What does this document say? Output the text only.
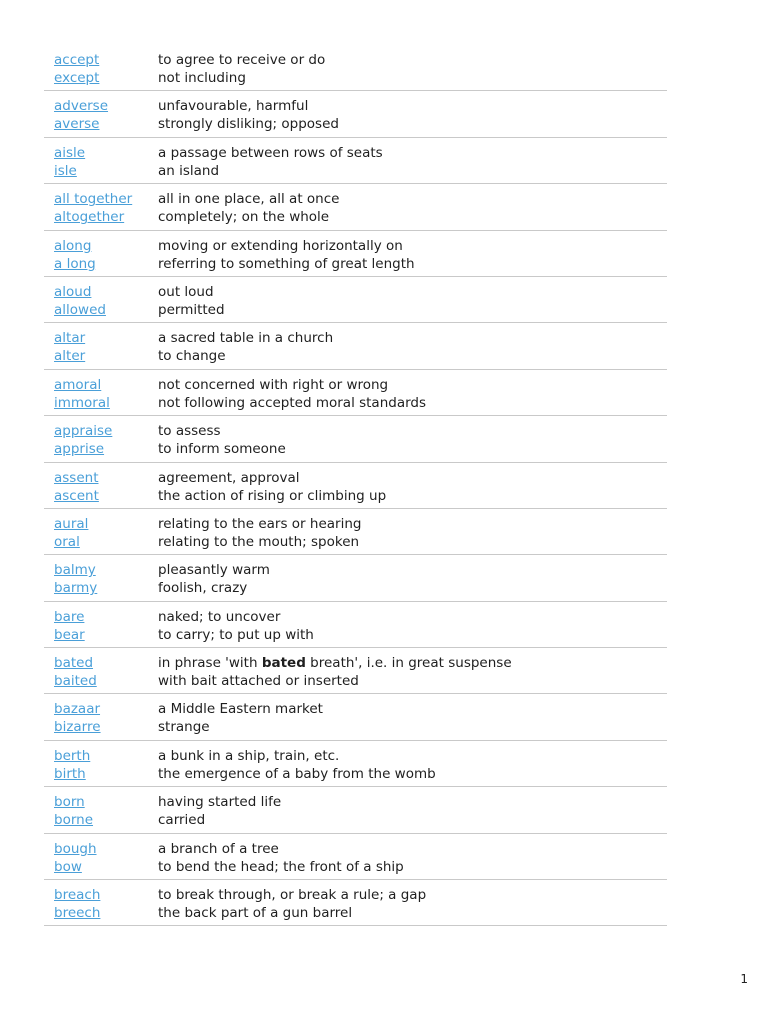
accept
except
to agree to receive or do
not including
adverse
averse
unfavourable, harmful
strongly disliking; opposed
aisle
isle
a passage between rows of seats
an island
all together
altogether
all in one place, all at once
completely; on the whole
along
a long
moving or extending horizontally on
referring to something of great length
aloud
allowed
out loud
permitted
altar
alter
a sacred table in a church
to change
amoral
immoral
not concerned with right or wrong
not following accepted moral standards
appraise
apprise
to assess
to inform someone
assent
ascent
agreement, approval
the action of rising or climbing up
aural
oral
relating to the ears or hearing
relating to the mouth; spoken
balmy
barmy
pleasantly warm
foolish, crazy
bare
bear
naked; to uncover
to carry; to put up with
bated
baited
in phrase 'with bated breath', i.e. in great suspense
with bait attached or inserted
bazaar
bizarre
a Middle Eastern market
strange
berth
birth
a bunk in a ship, train, etc.
the emergence of a baby from the womb
born
borne
having started life
carried
bough
bow
a branch of a tree
to bend the head; the front of a ship
breach
breech
to break through, or break a rule; a gap
the back part of a gun barrel
1
